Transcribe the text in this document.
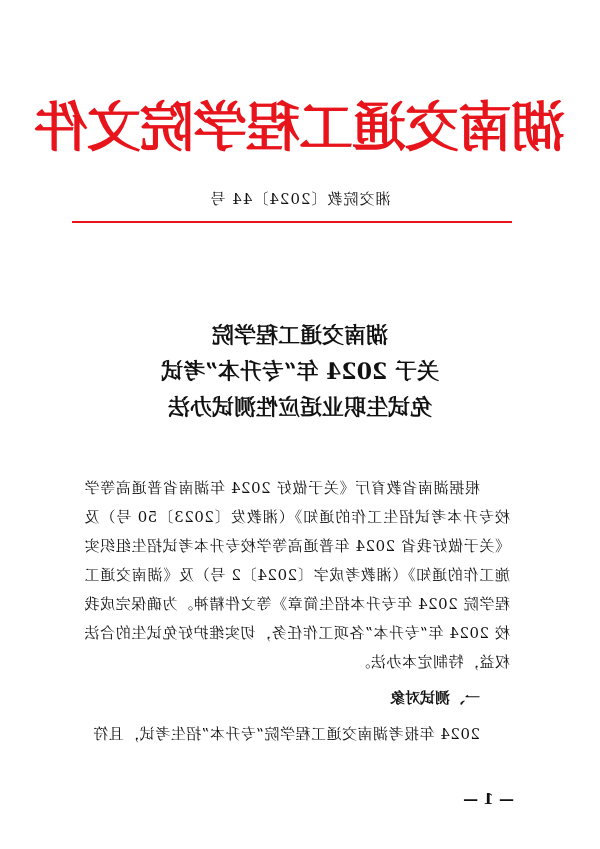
湖南交通工程学院文件
湘交院教〔2024〕44 号
湖南交通工程学院
关于 2024 年“专升本”考试
免试生职业适应性测试办法
根据湖南省教育厅《关于做好 2024 年湖南省普通高等学校专升本考试招生工作的通知》（湘教发〔2023〕50 号）及《关于做好我省 2024 年普通高等学校专升本考试招生组织实施工作的通知》（湘教考成字〔2024〕2 号）及《湖南交通工程学院 2024 年专升本招生简章》等文件精神。为确保完成我校 2024 年“专升本”各项工作任务，切实维护好免试生的合法权益，特制定本办法。
一、测试对象
2024 年报考湖南交通工程学院“专升本”招生考试，且符
— 1 —
